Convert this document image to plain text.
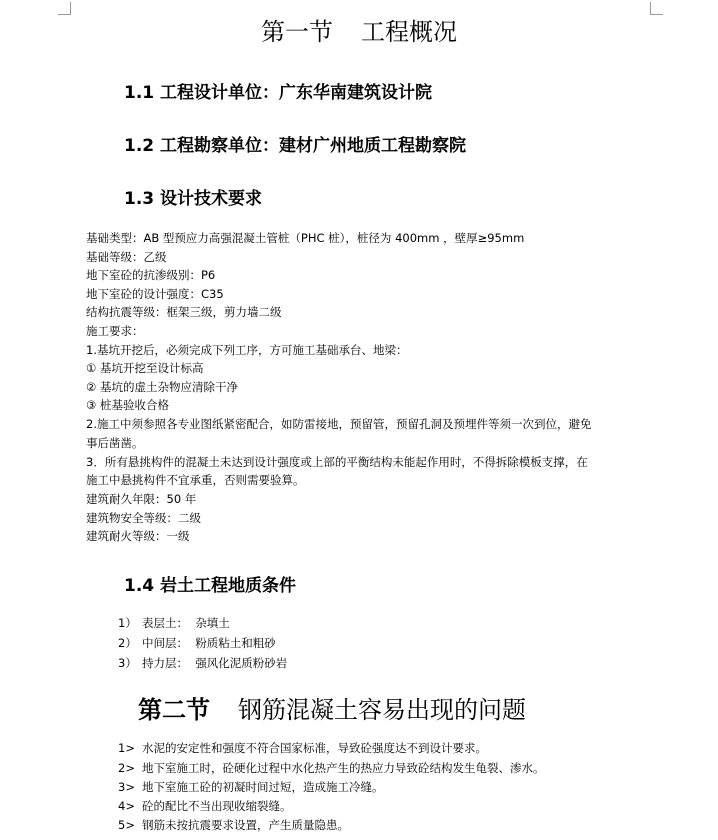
第一节 工程概况
1.1 工程设计单位：广东华南建筑设计院
1.2 工程勘察单位：建材广州地质工程勘察院
1.3 设计技术要求
基础类型：AB 型预应力高强混凝土管桩（PHC 桩），桩径为 400mm ，壁厚≥95mm
基础等级：乙级
地下室砼的抗渗级别：P6
地下室砼的设计强度：C35
结构抗震等级：框架三级，剪力墙二级
施工要求：
1.基坑开挖后，必须完成下列工序，方可施工基础承台、地梁：
① 基坑开挖至设计标高
② 基坑的虚土杂物应清除干净
③ 桩基验收合格
2.施工中须参照各专业图纸紧密配合，如防雷接地，预留管，预留孔洞及预埋件等须一次到位，避免
事后凿凿。
3．所有悬挑构件的混凝土未达到设计强度或上部的平衡结构未能起作用时，不得拆除模板支撑，在
施工中悬挑构件不宜承重，否则需要验算。
建筑耐久年限：50 年
建筑物安全等级：二级
建筑耐火等级：一级
1.4 岩土工程地质条件
1） 表层土： 杂填土
2） 中间层： 粉质粘土和粗砂
3） 持力层： 强风化泥质粉砂岩
第二节 钢筋混凝土容易出现的问题
1> 水泥的安定性和强度不符合国家标准，导致砼强度达不到设计要求。
2> 地下室施工时，砼硬化过程中水化热产生的热应力导致砼结构发生龟裂、渗水。
3> 地下室施工砼的初凝时间过短，造成施工冷缝。
4> 砼的配比不当出现收缩裂缝。
5> 钢筋未按抗震要求设置，产生质量隐患。
